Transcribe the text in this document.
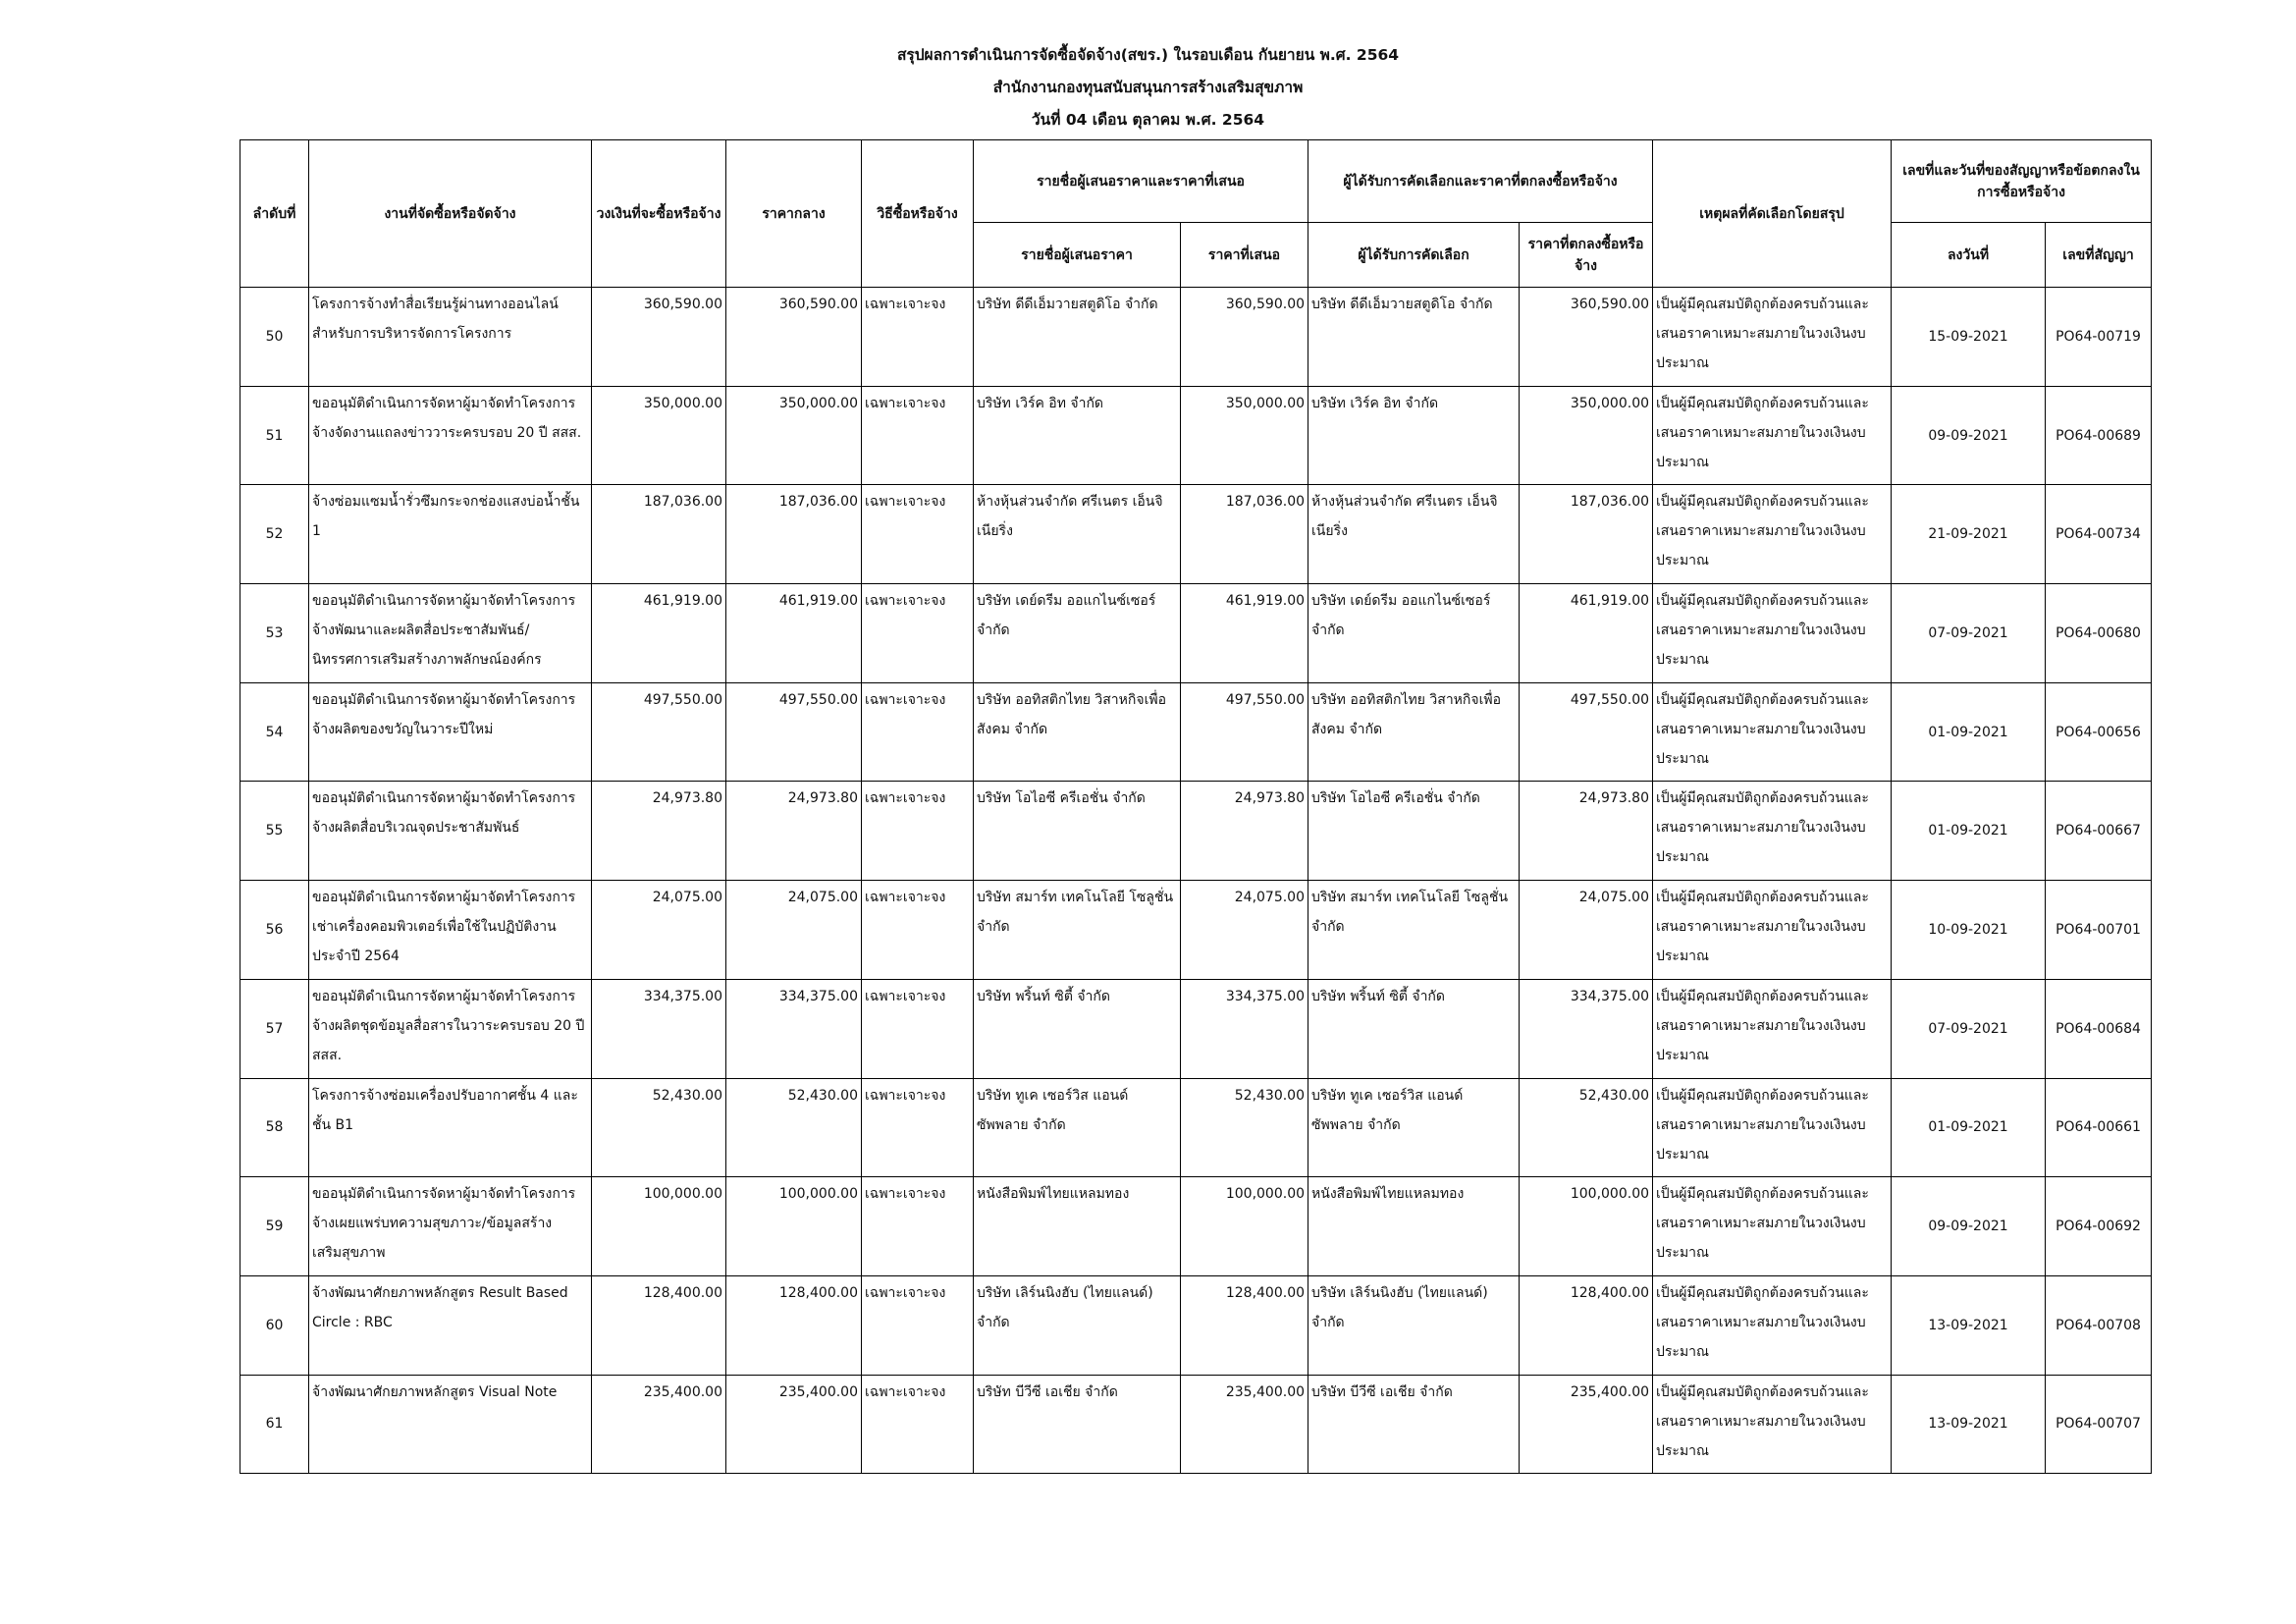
สรุปผลการดำเนินการจัดซื้อจัดจ้าง(สขร.) ในรอบเดือน กันยายน พ.ศ. 2564
สำนักงานกองทุนสนับสนุนการสร้างเสริมสุขภาพ
วันที่ 04 เดือน ตุลาคม พ.ศ. 2564
ลำดับที่	งานที่จัดซื้อหรือจัดจ้าง	วงเงินที่จะซื้อหรือจ้าง	ราคากลาง	วิธีซื้อหรือจ้าง	รายชื่อผู้เสนอราคาและราคาที่เสนอ		ผู้ได้รับการคัดเลือกและราคาที่ตกลงซื้อหรือจ้าง		เหตุผลที่คัดเลือกโดยสรุป	เลขที่และวันที่ของสัญญาหรือข้อตกลงในการซื้อหรือจ้าง	
					รายชื่อผู้เสนอราคา	ราคาที่เสนอ	ผู้ได้รับการคัดเลือก	ราคาที่ตกลงซื้อหรือจ้าง		ลงวันที่	เลขที่สัญญา
50	โครงการจ้างทำสื่อเรียนรู้ผ่านทางออนไลน์สำหรับการบริหารจัดการโครงการ	360,590.00	360,590.00	เฉพาะเจาะจง	บริษัท ดีดีเอ็มวายสตูดิโอ จำกัด	360,590.00	บริษัท ดีดีเอ็มวายสตูดิโอ จำกัด	360,590.00	เป็นผู้มีคุณสมบัติถูกต้องครบถ้วนและเสนอราคาเหมาะสมภายในวงเงินงบประมาณ	15-09-2021	PO64-00719
51	ขออนุมัติดำเนินการจัดหาผู้มาจัดทำโครงการจ้างจัดงานแถลงข่าววาระครบรอบ 20 ปี สสส.	350,000.00	350,000.00	เฉพาะเจาะจง	บริษัท เวิร์ค อิท จำกัด	350,000.00	บริษัท เวิร์ค อิท จำกัด	350,000.00	เป็นผู้มีคุณสมบัติถูกต้องครบถ้วนและเสนอราคาเหมาะสมภายในวงเงินงบประมาณ	09-09-2021	PO64-00689
52	จ้างซ่อมแซมน้ำรั่วซึมกระจกช่องแสงบ่อน้ำชั้น 1	187,036.00	187,036.00	เฉพาะเจาะจง	ห้างหุ้นส่วนจำกัด ศรีเนตร เอ็นจิเนียริ่ง	187,036.00	ห้างหุ้นส่วนจำกัด ศรีเนตร เอ็นจิเนียริ่ง	187,036.00	เป็นผู้มีคุณสมบัติถูกต้องครบถ้วนและเสนอราคาเหมาะสมภายในวงเงินงบประมาณ	21-09-2021	PO64-00734
53	ขออนุมัติดำเนินการจัดหาผู้มาจัดทำโครงการจ้างพัฒนาและผลิตสื่อประชาสัมพันธ์/นิทรรศการเสริมสร้างภาพลักษณ์องค์กร	461,919.00	461,919.00	เฉพาะเจาะจง	บริษัท เดย์ดรีม ออแกไนซ์เซอร์ จำกัด	461,919.00	บริษัท เดย์ดรีม ออแกไนซ์เซอร์ จำกัด	461,919.00	เป็นผู้มีคุณสมบัติถูกต้องครบถ้วนและเสนอราคาเหมาะสมภายในวงเงินงบประมาณ	07-09-2021	PO64-00680
54	ขออนุมัติดำเนินการจัดหาผู้มาจัดทำโครงการจ้างผลิตของขวัญในวาระปีใหม่	497,550.00	497,550.00	เฉพาะเจาะจง	บริษัท ออทิสติกไทย วิสาหกิจเพื่อสังคม จำกัด	497,550.00	บริษัท ออทิสติกไทย วิสาหกิจเพื่อสังคม จำกัด	497,550.00	เป็นผู้มีคุณสมบัติถูกต้องครบถ้วนและเสนอราคาเหมาะสมภายในวงเงินงบประมาณ	01-09-2021	PO64-00656
55	ขออนุมัติดำเนินการจัดหาผู้มาจัดทำโครงการ จ้างผลิตสื่อบริเวณจุดประชาสัมพันธ์	24,973.80	24,973.80	เฉพาะเจาะจง	บริษัท โอไอซี ครีเอชั่น จำกัด	24,973.80	บริษัท โอไอซี ครีเอชั่น จำกัด	24,973.80	เป็นผู้มีคุณสมบัติถูกต้องครบถ้วนและเสนอราคาเหมาะสมภายในวงเงินงบประมาณ	01-09-2021	PO64-00667
56	ขออนุมัติดำเนินการจัดหาผู้มาจัดทำโครงการเช่าเครื่องคอมพิวเตอร์เพื่อใช้ในปฏิบัติงาน ประจำปี 2564	24,075.00	24,075.00	เฉพาะเจาะจง	บริษัท สมาร์ท เทคโนโลยี โซลูชั่น จำกัด	24,075.00	บริษัท สมาร์ท เทคโนโลยี โซลูชั่น จำกัด	24,075.00	เป็นผู้มีคุณสมบัติถูกต้องครบถ้วนและเสนอราคาเหมาะสมภายในวงเงินงบประมาณ	10-09-2021	PO64-00701
57	ขออนุมัติดำเนินการจัดหาผู้มาจัดทำโครงการจ้างผลิตชุดข้อมูลสื่อสารในวาระครบรอบ 20 ปี สสส.	334,375.00	334,375.00	เฉพาะเจาะจง	บริษัท พริ้นท์ ซิตี้ จำกัด	334,375.00	บริษัท พริ้นท์ ซิตี้ จำกัด	334,375.00	เป็นผู้มีคุณสมบัติถูกต้องครบถ้วนและเสนอราคาเหมาะสมภายในวงเงินงบประมาณ	07-09-2021	PO64-00684
58	โครงการจ้างซ่อมเครื่องปรับอากาศชั้น 4 และชั้น B1	52,430.00	52,430.00	เฉพาะเจาะจง	บริษัท ทูเค เซอร์วิส แอนด์ ซัพพลาย จำกัด	52,430.00	บริษัท ทูเค เซอร์วิส แอนด์ ซัพพลาย จำกัด	52,430.00	เป็นผู้มีคุณสมบัติถูกต้องครบถ้วนและเสนอราคาเหมาะสมภายในวงเงินงบประมาณ	01-09-2021	PO64-00661
59	ขออนุมัติดำเนินการจัดหาผู้มาจัดทำโครงการจ้างเผยแพร่บทความสุขภาวะ/ข้อมูลสร้างเสริมสุขภาพ	100,000.00	100,000.00	เฉพาะเจาะจง	หนังสือพิมพ์ไทยแหลมทอง	100,000.00	หนังสือพิมพ์ไทยแหลมทอง	100,000.00	เป็นผู้มีคุณสมบัติถูกต้องครบถ้วนและเสนอราคาเหมาะสมภายในวงเงินงบประมาณ	09-09-2021	PO64-00692
60	จ้างพัฒนาศักยภาพหลักสูตร Result Based Circle : RBC	128,400.00	128,400.00	เฉพาะเจาะจง	บริษัท เลิร์นนิงฮับ (ไทยแลนด์) จำกัด	128,400.00	บริษัท เลิร์นนิงฮับ (ไทยแลนด์) จำกัด	128,400.00	เป็นผู้มีคุณสมบัติถูกต้องครบถ้วนและเสนอราคาเหมาะสมภายในวงเงินงบประมาณ	13-09-2021	PO64-00708
61	จ้างพัฒนาศักยภาพหลักสูตร Visual Note	235,400.00	235,400.00	เฉพาะเจาะจง	บริษัท บีวีซี เอเชีย จำกัด	235,400.00	บริษัท บีวีซี เอเชีย จำกัด	235,400.00	เป็นผู้มีคุณสมบัติถูกต้องครบถ้วนและเสนอราคาเหมาะสมภายในวงเงินงบประมาณ	13-09-2021	PO64-00707
